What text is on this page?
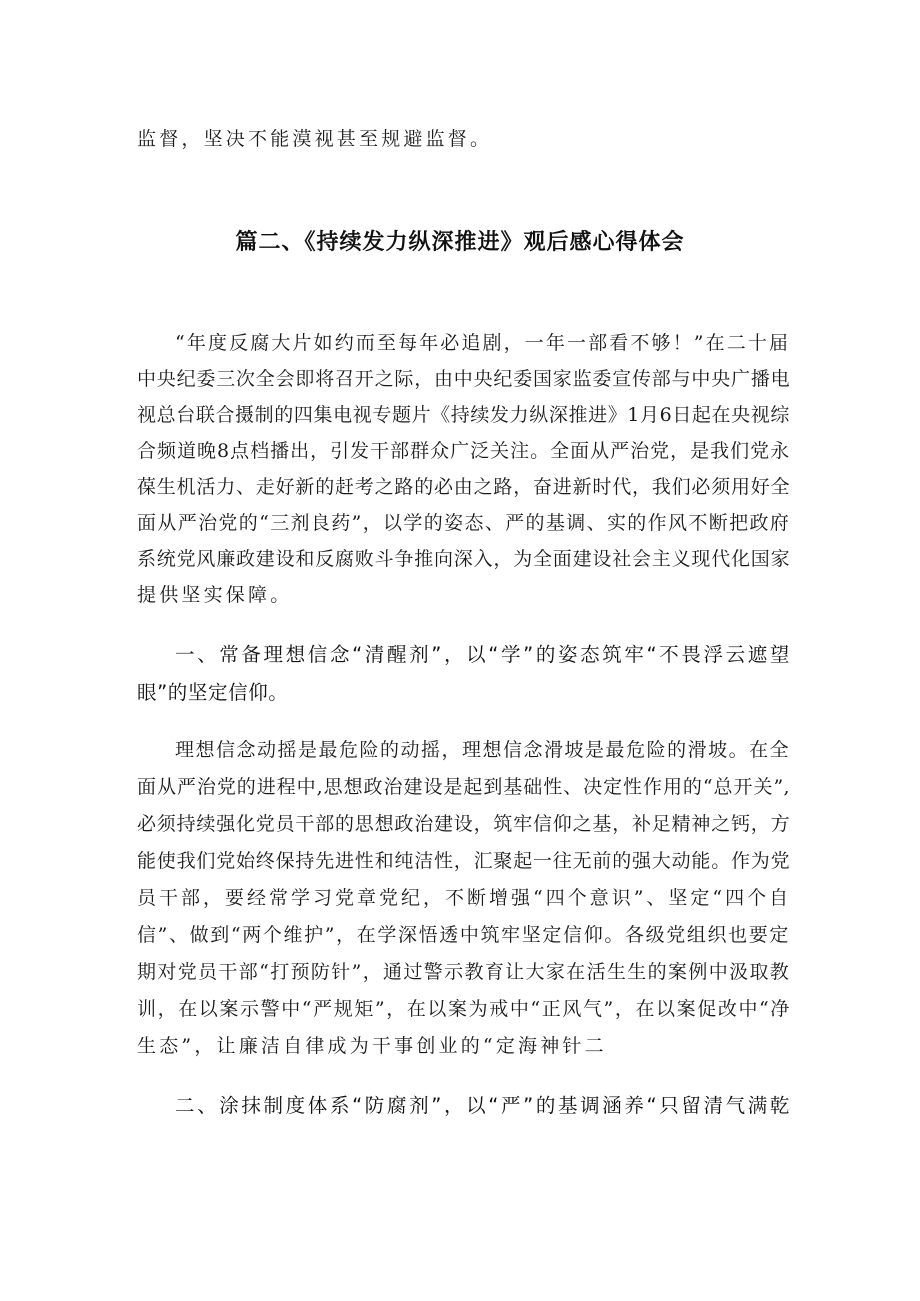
监督，坚决不能漠视甚至规避监督。
篇二、《持续发力纵深推进》观后感心得体会
“年度反腐大片如约而至每年必追剧，一年一部看不够！”在二十届
中央纪委三次全会即将召开之际，由中央纪委国家监委宣传部与中央广播电
视总台联合摄制的四集电视专题片《持续发力纵深推进》1月6日起在央视综
合频道晚8点档播出，引发干部群众广泛关注。全面从严治党，是我们党永
葆生机活力、走好新的赶考之路的必由之路，奋进新时代，我们必须用好全
面从严治党的“三剂良药”，以学的姿态、严的基调、实的作风不断把政府
系统党风廉政建设和反腐败斗争推向深入，为全面建设社会主义现代化国家
提供坚实保障。
一、常备理想信念“清醒剂”，以“学”的姿态筑牢“不畏浮云遮望
眼”的坚定信仰。
理想信念动摇是最危险的动摇，理想信念滑坡是最危险的滑坡。在全
面从严治党的进程中,思想政治建设是起到基础性、决定性作用的“总开关”,
必须持续强化党员干部的思想政治建设，筑牢信仰之基，补足精神之钙，方
能使我们党始终保持先进性和纯洁性，汇聚起一往无前的强大动能。作为党
员干部，要经常学习党章党纪，不断增强“四个意识”、坚定“四个自
信”、做到“两个维护”，在学深悟透中筑牢坚定信仰。各级党组织也要定
期对党员干部“打预防针”，通过警示教育让大家在活生生的案例中汲取教
训，在以案示警中“严规矩”，在以案为戒中“正风气”，在以案促改中“净
生态”，让廉洁自律成为干事创业的“定海神针二
二、涂抹制度体系“防腐剂”，以“严”的基调涵养“只留清气满乾
